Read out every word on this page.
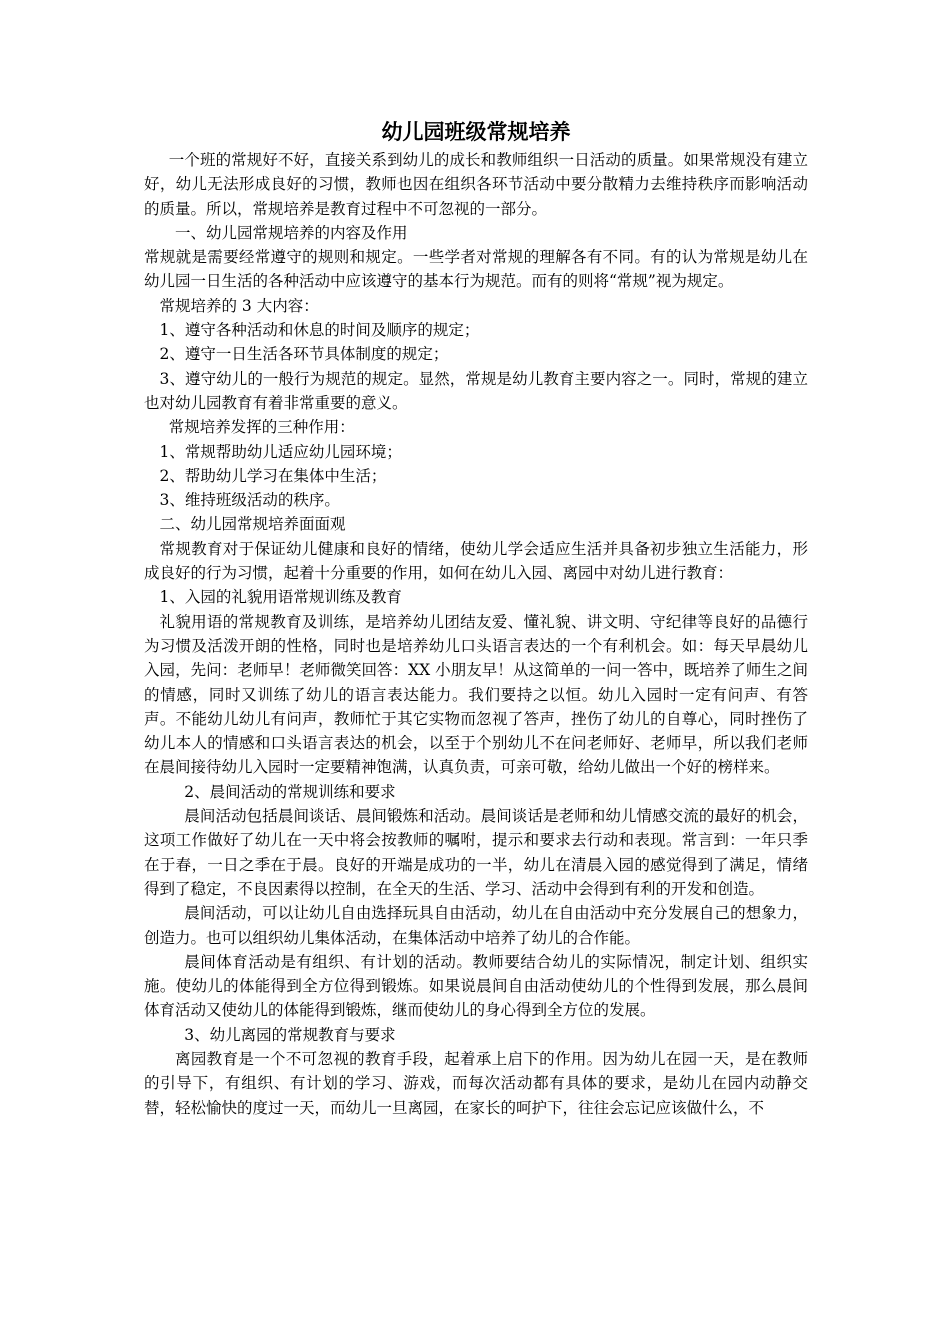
幼儿园班级常规培养

一个班的常规好不好，直接关系到幼儿的成长和教师组织一日活动的质量。如果常规没有建立好，幼儿无法形成良好的习惯，教师也因在组织各环节活动中要分散精力去维持秩序而影响活动的质量。所以，常规培养是教育过程中不可忽视的一部分。

一、幼儿园常规培养的内容及作用

常规就是需要经常遵守的规则和规定。一些学者对常规的理解各有不同。有的认为常规是幼儿在幼儿园一日生活的各种活动中应该遵守的基本行为规范。而有的则将“常规”视为规定。

常规培养的 3 大内容：

1、遵守各种活动和休息的时间及顺序的规定；

2、遵守一日生活各环节具体制度的规定；

3、遵守幼儿的一般行为规范的规定。显然，常规是幼儿教育主要内容之一。同时，常规的建立也对幼儿园教育有着非常重要的意义。

常规培养发挥的三种作用：

1、常规帮助幼儿适应幼儿园环境；

2、帮助幼儿学习在集体中生活；

3、维持班级活动的秩序。

二、幼儿园常规培养面面观

常规教育对于保证幼儿健康和良好的情绪，使幼儿学会适应生活并具备初步独立生活能力，形成良好的行为习惯，起着十分重要的作用，如何在幼儿入园、离园中对幼儿进行教育：

1、入园的礼貌用语常规训练及教育

礼貌用语的常规教育及训练，是培养幼儿团结友爱、懂礼貌、讲文明、守纪律等良好的品德行为习惯及活泼开朗的性格，同时也是培养幼儿口头语言表达的一个有利机会。如：每天早晨幼儿入园，先问：老师早！老师微笑回答：XX 小朋友早！从这简单的一问一答中，既培养了师生之间的情感，同时又训练了幼儿的语言表达能力。我们要持之以恒。幼儿入园时一定有问声、有答声。不能幼儿幼儿有问声，教师忙于其它实物而忽视了答声，挫伤了幼儿的自尊心，同时挫伤了幼儿本人的情感和口头语言表达的机会，以至于个别幼儿不在问老师好、老师早，所以我们老师在晨间接待幼儿入园时一定要精神饱满，认真负责，可亲可敬，给幼儿做出一个好的榜样来。

2、晨间活动的常规训练和要求

晨间活动包括晨间谈话、晨间锻炼和活动。晨间谈话是老师和幼儿情感交流的最好的机会，这项工作做好了幼儿在一天中将会按教师的嘱咐，提示和要求去行动和表现。常言到：一年只季在于春，一日之季在于晨。良好的开端是成功的一半，幼儿在清晨入园的感觉得到了满足，情绪得到了稳定，不良因素得以控制，在全天的生活、学习、活动中会得到有利的开发和创造。

晨间活动，可以让幼儿自由选择玩具自由活动，幼儿在自由活动中充分发展自己的想象力，创造力。也可以组织幼儿集体活动，在集体活动中培养了幼儿的合作能。

晨间体育活动是有组织、有计划的活动。教师要结合幼儿的实际情况，制定计划、组织实施。使幼儿的体能得到全方位得到锻炼。如果说晨间自由活动使幼儿的个性得到发展，那么晨间体育活动又使幼儿的体能得到锻炼，继而使幼儿的身心得到全方位的发展。

3、幼儿离园的常规教育与要求

离园教育是一个不可忽视的教育手段，起着承上启下的作用。因为幼儿在园一天，是在教师的引导下，有组织、有计划的学习、游戏，而每次活动都有具体的要求，是幼儿在园内动静交替，轻松愉快的度过一天，而幼儿一旦离园，在家长的呵护下，往往会忘记应该做什么，不
